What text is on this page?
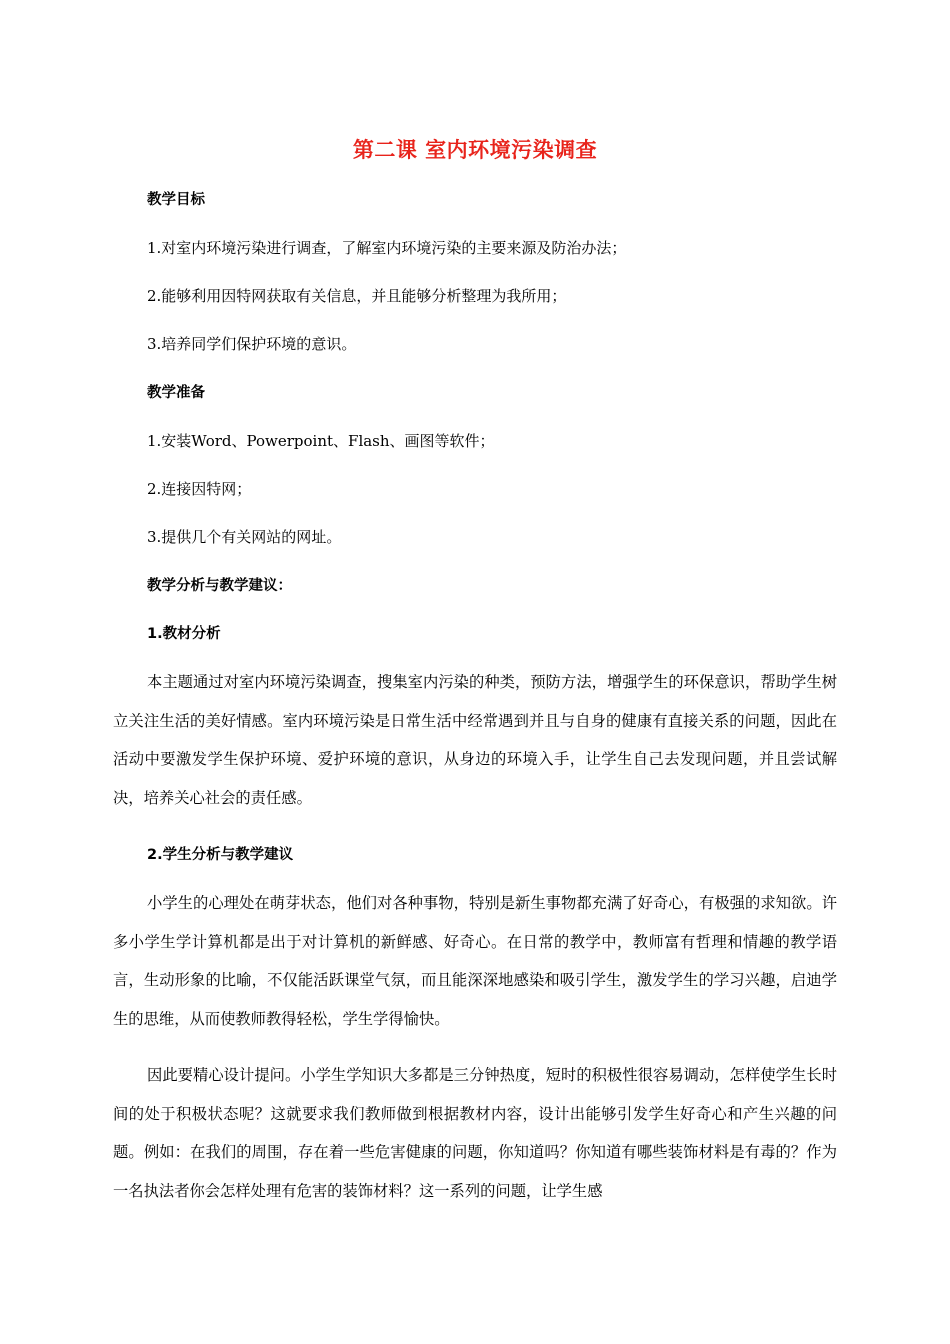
第二课 室内环境污染调查
教学目标
1.对室内环境污染进行调查，了解室内环境污染的主要来源及防治办法；
2.能够利用因特网获取有关信息，并且能够分析整理为我所用；
3.培养同学们保护环境的意识。
教学准备
1.安装Word、Powerpoint、Flash、画图等软件；
2.连接因特网；
3.提供几个有关网站的网址。
教学分析与教学建议：
1.教材分析
本主题通过对室内环境污染调查，搜集室内污染的种类，预防方法，增强学生的环保意识，帮助学生树立关注生活的美好情感。室内环境污染是日常生活中经常遇到并且与自身的健康有直接关系的问题，因此在活动中要激发学生保护环境、爱护环境的意识，从身边的环境入手，让学生自己去发现问题，并且尝试解决，培养关心社会的责任感。
2.学生分析与教学建议
小学生的心理处在萌芽状态，他们对各种事物，特别是新生事物都充满了好奇心，有极强的求知欲。许多小学生学计算机都是出于对计算机的新鲜感、好奇心。在日常的教学中，教师富有哲理和情趣的教学语言，生动形象的比喻，不仅能活跃课堂气氛，而且能深深地感染和吸引学生，激发学生的学习兴趣，启迪学生的思维，从而使教师教得轻松，学生学得愉快。
因此要精心设计提问。小学生学知识大多都是三分钟热度，短时的积极性很容易调动，怎样使学生长时间的处于积极状态呢？这就要求我们教师做到根据教材内容，设计出能够引发学生好奇心和产生兴趣的问题。例如：在我们的周围，存在着一些危害健康的问题，你知道吗？你知道有哪些装饰材料是有毒的？作为一名执法者你会怎样处理有危害的装饰材料？这一系列的问题，让学生感
